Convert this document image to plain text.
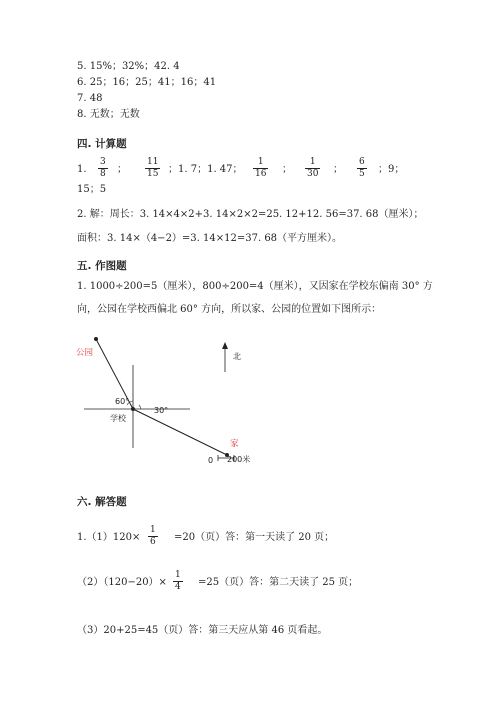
5. 15%；32%；42. 4
6. 25；16；25；41；16；41
7. 48
8. 无数；无数
四. 计算题
1. $\frac{3}{8}$ ； $\frac{11}{15}$ ；1. 7；1. 47； $\frac{1}{16}$ ； $\frac{1}{30}$ ； $\frac{6}{5}$ ；9；
15；5
2. 解：周长：3. 14×4×2+3. 14×2×2=25. 12+12. 56=37. 68（厘米）；
面积：3. 14×（4−2）=3. 14×12=37. 68（平方厘米）。
五. 作图题
1. 1000÷200=5（厘米），800÷200=4（厘米），又因家在学校东偏南 30° 方
向，公园在学校西偏北 60° 方向，所以家、公园的位置如下图所示：
公园
60°
30°
学校
家
北
0 200米
六. 解答题
$1.(1)120\times \frac{1}{6} =20$（页）答：第一天读了 20 页；
$(2)(120-20)\times \frac{1}{4} =25$（页）答：第二天读了 25 页；
（3）20+25=45（页）答：第三天应从第 46 页看起。
